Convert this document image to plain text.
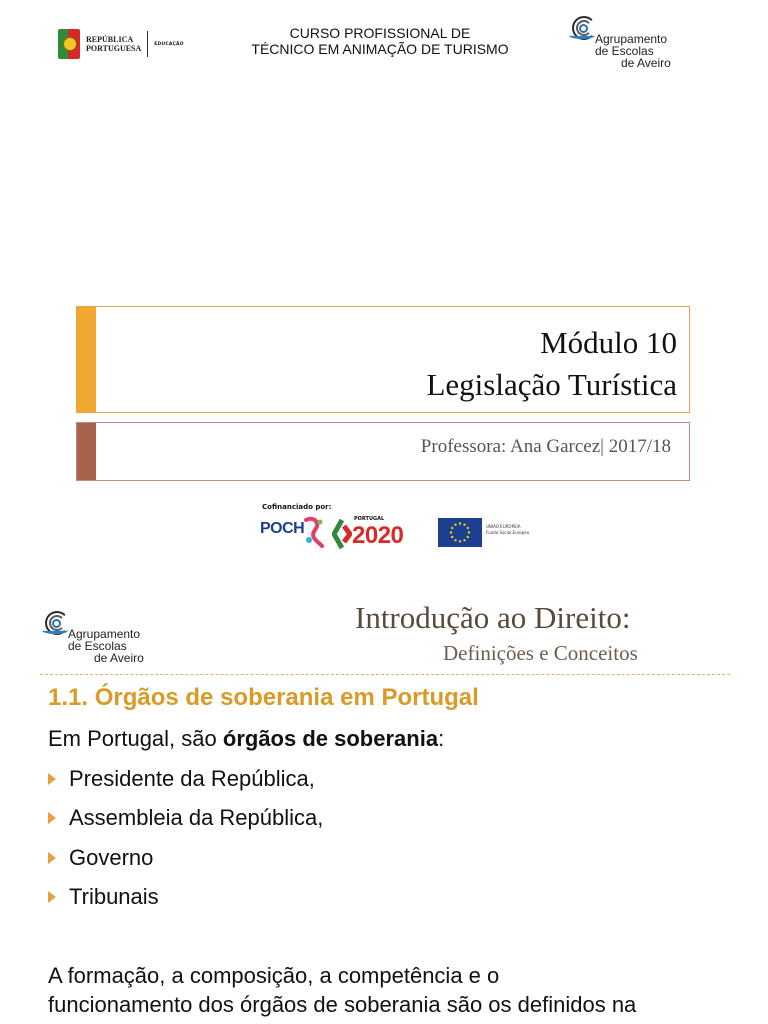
REPÚBLICA
PORTUGUESA	EDUCAÇÃO
CURSO PROFISSIONAL DE
TÉCNICO EM ANIMAÇÃO DE TURISMO
Agrupamento
de Escolas
de Aveiro
Módulo 10
Legislação Turística
Professora: Ana Garcez| 2017/18
Cofinanciado por:
POCH
PORTUGAL
2020	UNIÃO EUROPEIA
Fundo Social Europeu
Agrupamento
de Escolas
de Aveiro
Introdução ao Direito:
Definições e Conceitos
1.1. Órgãos de soberania em Portugal
Em Portugal, são órgãos de soberania:
Presidente da República,
Assembleia da República,
Governo
Tribunais
A formação, a composição, a competência e o
funcionamento dos órgãos de soberania são os definidos na
